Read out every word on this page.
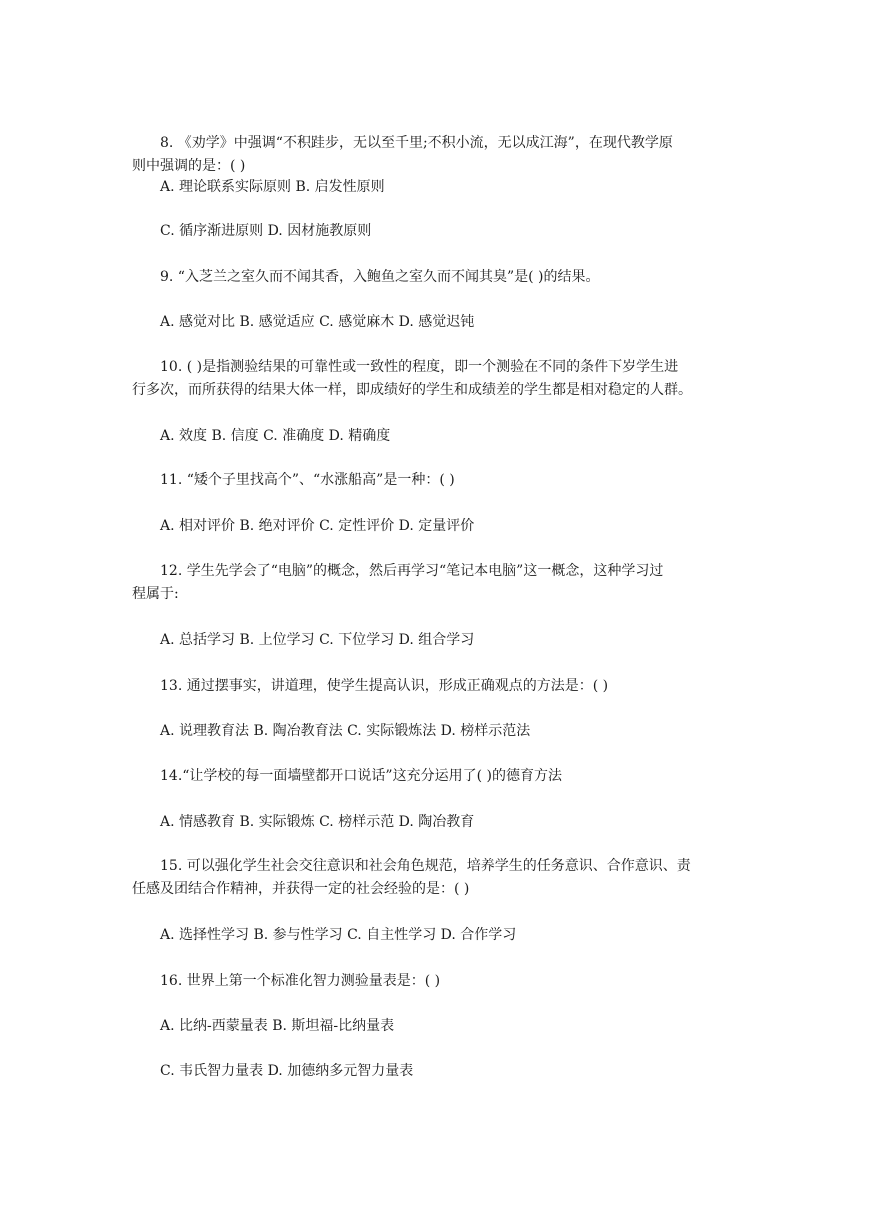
8. 《劝学》中强调“不积跬步，无以至千里;不积小流，无以成江海”，在现代教学原
则中强调的是：( )
A. 理论联系实际原则 B. 启发性原则
C. 循序渐进原则 D. 因材施教原则
9. “入芝兰之室久而不闻其香，入鲍鱼之室久而不闻其臭”是( )的结果。
A. 感觉对比 B. 感觉适应 C. 感觉麻木 D. 感觉迟钝
10. ( )是指测验结果的可靠性或一致性的程度，即一个测验在不同的条件下岁学生进
行多次，而所获得的结果大体一样，即成绩好的学生和成绩差的学生都是相对稳定的人群。
A. 效度 B. 信度 C. 准确度 D. 精确度
11. “矮个子里找高个”、“水涨船高”是一种：( )
A. 相对评价 B. 绝对评价 C. 定性评价 D. 定量评价
12. 学生先学会了“电脑”的概念，然后再学习“笔记本电脑”这一概念，这种学习过
程属于:
A. 总括学习 B. 上位学习 C. 下位学习 D. 组合学习
13. 通过摆事实，讲道理，使学生提高认识，形成正确观点的方法是：( )
A. 说理教育法 B. 陶冶教育法 C. 实际锻炼法 D. 榜样示范法
14.“让学校的每一面墙壁都开口说话”这充分运用了( )的德育方法
A. 情感教育 B. 实际锻炼 C. 榜样示范 D. 陶冶教育
15. 可以强化学生社会交往意识和社会角色规范，培养学生的任务意识、合作意识、责
任感及团结合作精神，并获得一定的社会经验的是：( )
A. 选择性学习 B. 参与性学习 C. 自主性学习 D. 合作学习
16. 世界上第一个标准化智力测验量表是：( )
A. 比纳-西蒙量表 B. 斯坦福-比纳量表
C. 韦氏智力量表 D. 加德纳多元智力量表
